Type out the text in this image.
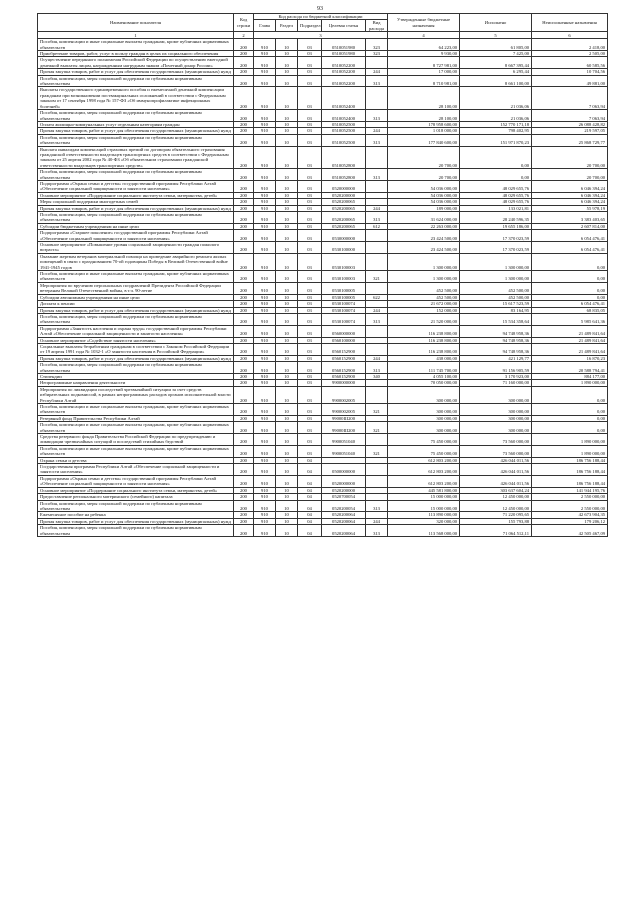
93
Наименование показателя	Код строки	Код расхода по бюджетной классификации					Утвержденные бюджетные назначения	Исполнено	Неисполненные назначения
		Глава	Раздел	Подраздел	Целевая статья	Вид расхода			
1	2	3					4	5	6
Пособия, компенсации и иные социальные выплаты гражданам, кроме публичных нормативных обязательств	200	910	10	03	0510051980	323	64 223,00	61 805,00	2 418,00
Приобретение товаров, работ, услуг в пользу граждан в целях их социального обеспечения	200	910	10	03	0510051980	323	9 930,00	7 425,00	2 505,00
Осуществление переданного полномочия Российской Федерации по осуществлению ежегодной денежной выплаты лицам, награжденным нагрудным знаком «Почетный донор России»	200	910	10	03	0510052200		8 727 981,00	8 667 395,44	60 585,56
Прочая закупка товаров, работ и услуг для обеспечения государственных (муниципальных) нужд	200	910	10	03	0510052200	244	17 000,00	6 295,44	10 704,56
Пособия, компенсации, меры социальной поддержки по публичным нормативным обязательствам	200	910	10	03	0510052200	313	8 710 981,00	8 661 100,00	49 881,00
Выплаты государственного единовременного пособия и ежемесячной денежной компенсации гражданам при возникновении поствакцинальных осложнений в соответствии с Федеральным законом от 17 сентября 1998 года № 157-ФЗ «Об иммунопрофилактике инфекционных болезней»	200	910	10	03	0510052400		28 100,00	21 036,06	7 063,94
Пособия, компенсации, меры социальной поддержки по публичным нормативным обязательствам	200	910	10	03	0510052400	313	28 100,00	21 036,06	7 063,94
Оплата жилищно-коммунальных услуг отдельным категориям граждан	200	910	10	03	0510052500		178 958 600,00	152 770 171,18	26 088 428,82
Прочая закупка товаров, работ и услуг для обеспечения государственных (муниципальных) нужд	200	910	10	03	0510052500	244	1 018 000,00	798 402,95	219 597,05
Пособия, компенсации, меры социальной поддержки по публичным нормативным обязательствам	200	910	10	03	0510052500	313	177 840 600,00	151 971 870,23	25 868 729,77
Выплата инвалидам компенсаций страховых премий по договорам обязательного страхования гражданской ответственности владельцев транспортных средств в соответствии с Федеральным законом от 25 апреля 2002 года № 40-ФЗ «Об обязательном страховании гражданской ответственности владельцев транспортных средств»	200	910	10	03	0510052800		20 700,00	0,00	20 700,00
Пособия, компенсации, меры социальной поддержки по публичным нормативным обязательствам	200	910	10	03	0510052800	313	20 700,00	0,00	20 700,00
Подпрограмма «Охрана семьи и детства» государственной программы Республики Алтай «Обеспечение социальной защищенности и занятости населения»	200	910	10	03	0520000000		54 036 000,00	48 029 655,76	6 046 394,24
Основное мероприятие «Поддержание социального института семьи, материнства, детей»	200	910	10	03	0520200000		54 036 000,00	48 029 655,76	6 046 394,24
Меры социальной поддержки многодетных семей	200	910	10	03	0520200065		54 036 000,00	48 029 655,76	6 046 394,24
Прочая закупка товаров, работ и услуг для обеспечения государственных (муниципальных) нужд	200	910	10	03	0520200065	244	189 000,00	133 021,81	55 978,19
Пособия, компенсации, меры социальной поддержки по публичным нормативным обязательствам	200	910	10	03	0520200065	313	31 624 000,00	28 240 596,35	3 383 403,65
Субсидии бюджетным учреждениям на иные цели	200	910	10	03	0520200065	612	22 263 000,00	19 655 186,00	2 607 814,00
Подпрограмма «Старшее поколение» государственной программы Республики Алтай «Обеспечение социальной защищенности и занятости населения»	200	910	10	03	0530000000		23 424 500,00	17 370 023,59	6 054 476,41
Основное мероприятие «Повышение уровня социальной защищенности граждан пожилого возраста»	200	910	10	03	0530100000		23 424 500,00	17 370 023,59	6 054 476,41
Оказание жертвам ветеранов материальной помощи на проведение аварийного ремонта жилых помещений в связи с празднованием 70-ой годовщины Победы в Великой Отечественной войне 1941-1945 годов	200	910	10	03	0530100003		1 300 000,00	1 300 000,00	0,00
Пособия, компенсации и иные социальные выплаты гражданам, кроме публичных нормативных обязательств	200	910	10	03	0530100003	321	1 300 000,00	1 300 000,00	0,00
Мероприятия по вручению персональных поздравлений Президента Российской Федерации ветеранам Великой Отечественной войны, в т.ч. 90-летие	200	910	10	03	0530100005		452 500,00	452 500,00	0,00
Субсидии автономным учреждениям на иные цели	200	910	10	03	0530100005	622	452 500,00	452 500,00	0,00
Доплата к пенсии	200	910	10	03	0530100074		21 672 000,00	15 617 523,59	6 054 476,41
Прочая закупка товаров, работ и услуг для обеспечения государственных (муниципальных) нужд	200	910	10	03	0530100074	244	152 000,00	83 164,95	68 835,05
Пособия, компенсации, меры социальной поддержки по публичным нормативным обязательствам	200	910	10	03	0530100074	313	21 520 000,00	15 534 358,64	5 985 641,36
Подпрограмма «Занятость населения и охрана труда» государственной программы Республики Алтай «Обеспечение социальной защищенности и занятости населения»	200	910	10	03	0560000000		116 238 800,00	94 748 958,36	21 489 841,64
Основное мероприятие «Содействие занятости населения»	200	910	10	03	0560100000		116 238 800,00	94 748 958,36	21 489 841,64
Социальные выплаты безработным гражданам в соответствии с Законом Российской Федерации от 19 апреля 1991 года № 1032-1 «О занятости населения в Российской Федерации»	200	910	10	03	0560152900		116 238 800,00	94 748 958,36	21 489 841,64
Прочая закупка товаров, работ и услуг для обеспечения государственных (муниципальных) нужд	200	910	10	03	0560152900	244	438 000,00	421 129,77	16 870,23
Пособия, компенсации, меры социальной поддержки по публичным нормативным обязательствам	200	910	10	03	0560152900	313	111 745 700,00	91 156 905,59	20 588 794,41
Стипендии	200	910	10	03	0560152900	340	4 055 100,00	3 170 923,00	884 177,00
Непрограммные направления деятельности	200	910	10	03	9900000000		70 050 000,00	71 160 000,00	1 890 000,00
Мероприятия по ликвидации последствий чрезвычайной ситуации за счет средств избирательных подкомиссий, в рамках непрограммных расходов органов исполнительной власти Республики Алтай	200	910	10	03	9900002005		300 000,00	300 000,00	0,00
Пособия, компенсации и иные социальные выплаты гражданам, кроме публичных нормативных обязательств	200	910	10	03	9900002005	321	300 000,00	300 000,00	0,00
Резервный фонд Правительства Республики Алтай	200	910	10	03	99000Ш200		300 000,00	300 000,00	0,00
Пособия, компенсации и иные социальные выплаты гражданам, кроме публичных нормативных обязательств	200	910	10	03	99000Ш200	321	300 000,00	300 000,00	0,00
Средства резервного фонда Правительства Российской Федерации по предупреждению и ликвидации чрезвычайных ситуаций и последствий стихийных бедствий	200	910	10	03	9900051040		75 450 000,00	73 560 000,00	1 890 000,00
Пособия, компенсации и иные социальные выплаты гражданам, кроме публичных нормативных обязательств	200	910	10	03	9900051040	321	75 450 000,00	73 560 000,00	1 890 000,00
Охрана семьи и детства	200	910	10	04			612 803 200,00	426 044 011,56	186 756 188,44
Государственная программа Республики Алтай «Обеспечение социальной защищенности и занятости населения»	200	910	10	04	0500000000		612 803 200,00	426 044 011,56	186 756 188,44
Подпрограмма «Охрана семьи и детства» государственной программы Республики Алтай «Обеспечение социальной защищенности и занятости населения»	200	910	10	04	0520000000		612 803 200,00	426 044 011,56	186 756 188,44
Основное мероприятие «Поддержание социального института семьи, материнства, детей»	200	910	10	04	0520200000		445 581 800,00	303 637 604,24	141 944 195,76
Предоставление регионального материнского (семейного) капитала	200	910	10	04	0520700054		15 000 000,00	12 450 000,00	2 550 000,00
Пособия, компенсации, меры социальной поддержки по публичным нормативным обязательствам	200	910	10	04	0520200054	313	15 000 000,00	12 450 000,00	2 550 000,00
Ежемесячное пособие на ребенка	200	910	10	04	0520200064		113 890 000,00	71 220 095,65	42 673 904,35
Прочая закупка товаров, работ и услуг для обеспечения государственных (муниципальных) нужд	200	910	10	04	0520200064	244	320 000,00	155 793,88	179 206,12
Пособия, компенсации, меры социальной поддержки по публичным нормативным обязательствам	200	910	10	04	0520200064	313	113 568 000,00	71 064 512,11	42 505 467,09
